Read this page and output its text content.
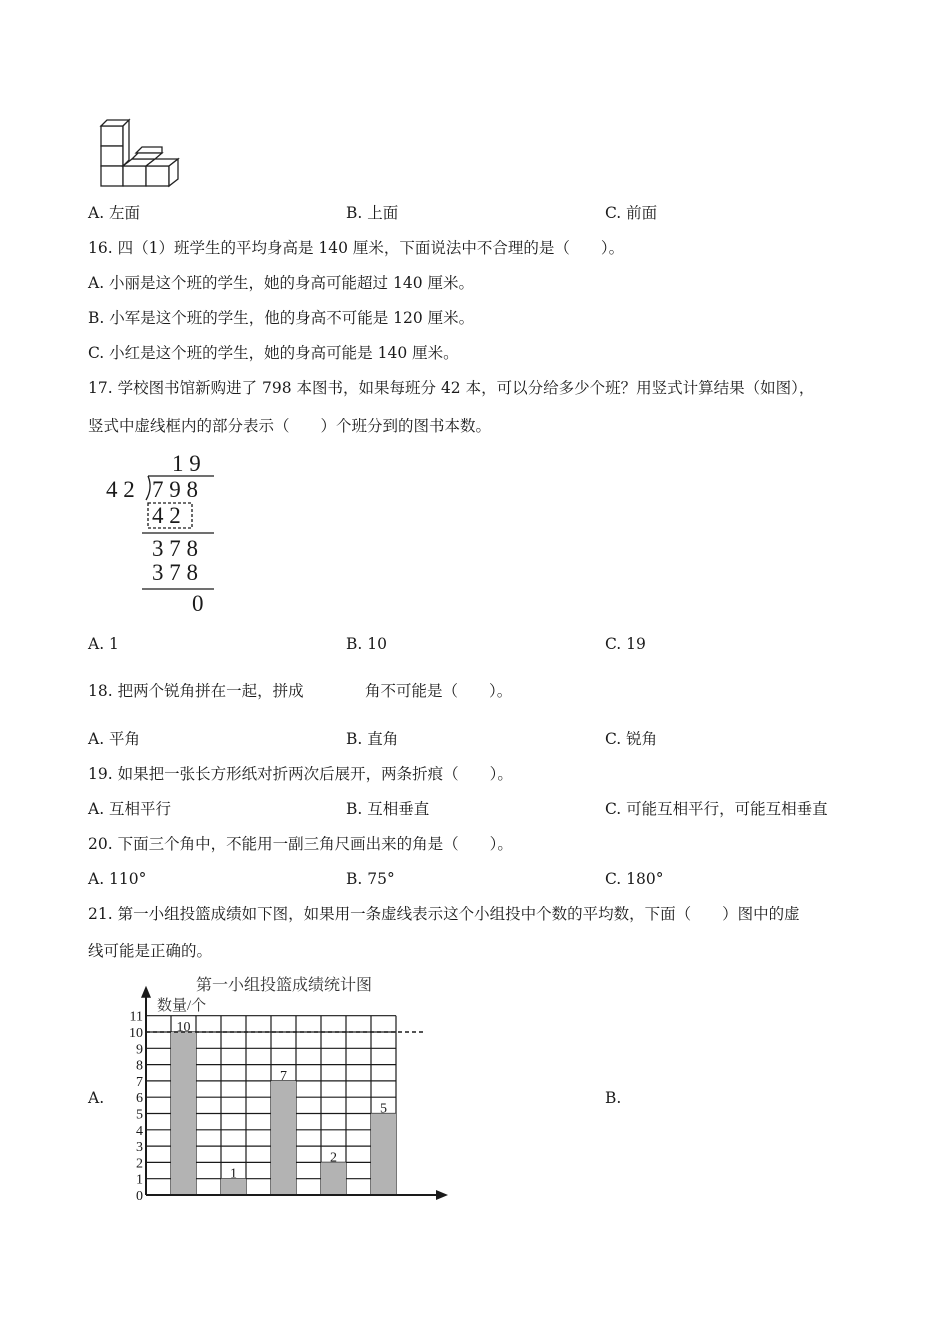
A. 左面	B. 上面	C. 前面
16. 四（1）班学生的平均身高是 140 厘米，下面说法中不合理的是（　　）。
A. 小丽是这个班的学生，她的身高可能超过 140 厘米。
B. 小军是这个班的学生，他的身高不可能是 120 厘米。
C. 小红是这个班的学生，她的身高可能是 140 厘米。
17. 学校图书馆新购进了 798 本图书，如果每班分 42 本，可以分给多少个班？用竖式计算结果（如图），
竖式中虚线框内的部分表示（　　）个班分到的图书本数。
1 9
4 2 7 9 8
4 2
3 7 8
3 7 8
0
A. 1	B. 10	C. 19
18. 把两个锐角拼在一起，拼成	角不可能是（　　）。
A. 平角	B. 直角	C. 锐角
19. 如果把一张长方形纸对折两次后展开，两条折痕（　　）。
A. 互相平行	B. 互相垂直	C. 可能互相平行，可能互相垂直
20. 下面三个角中，不能用一副三角尺画出来的角是（　　）。
A. 110°	B. 75°	C. 180°
21. 第一小组投篮成绩如下图，如果用一条虚线表示这个小组投中个数的平均数，下面（　　）图中的虚
线可能是正确的。
A.	B.
第一小组投篮成绩统计图
数量/个
10
1
7
2
5
0
1
2
3
4
5
6
7
8
9
10
11
